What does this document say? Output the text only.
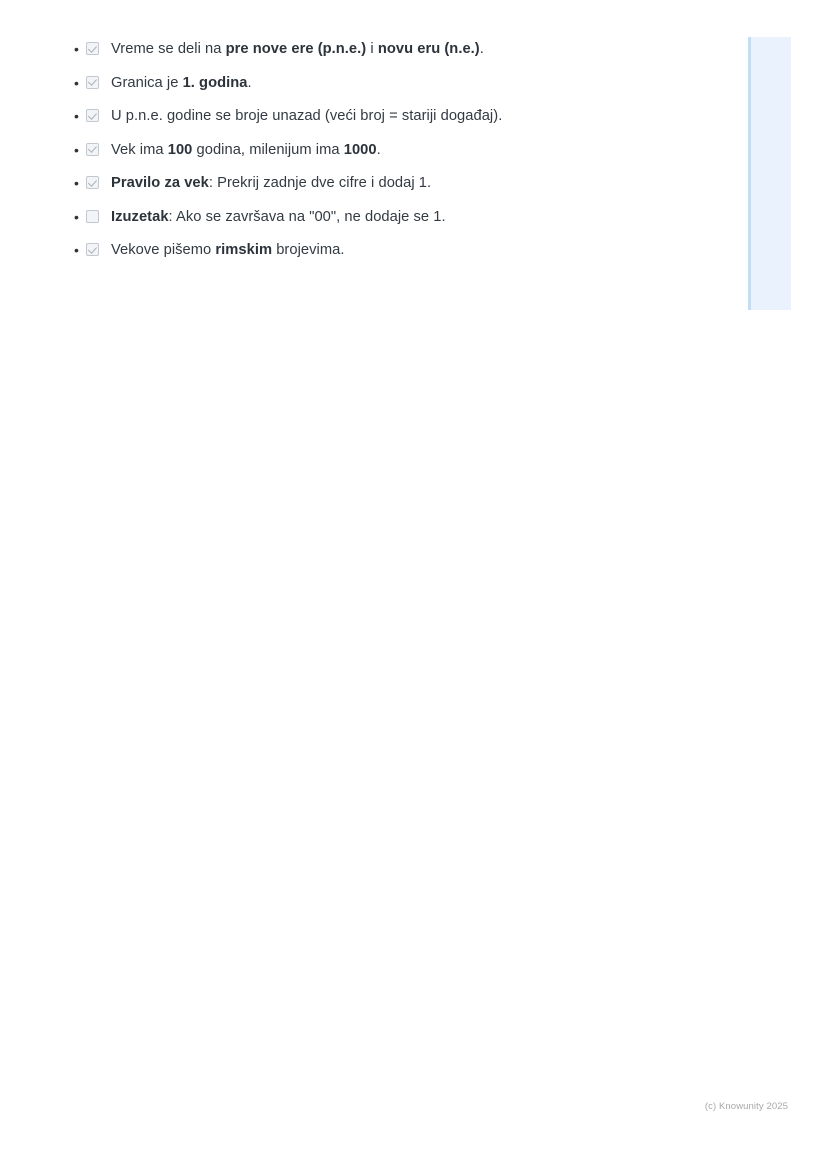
•	Vreme se deli na pre nove ere (p.n.e.) i novu eru (n.e.).
•	Granica je 1. godina.
•	U p.n.e. godine se broje unazad (veći broj = stariji događaj).
•	Vek ima 100 godina, milenijum ima 1000.
•	Pravilo za vek: Prekrij zadnje dve cifre i dodaj 1.
•	Izuzetak: Ako se završava na "00", ne dodaje se 1.
•	Vekove pišemo rimskim brojevima.
(c) Knowunity 2025
